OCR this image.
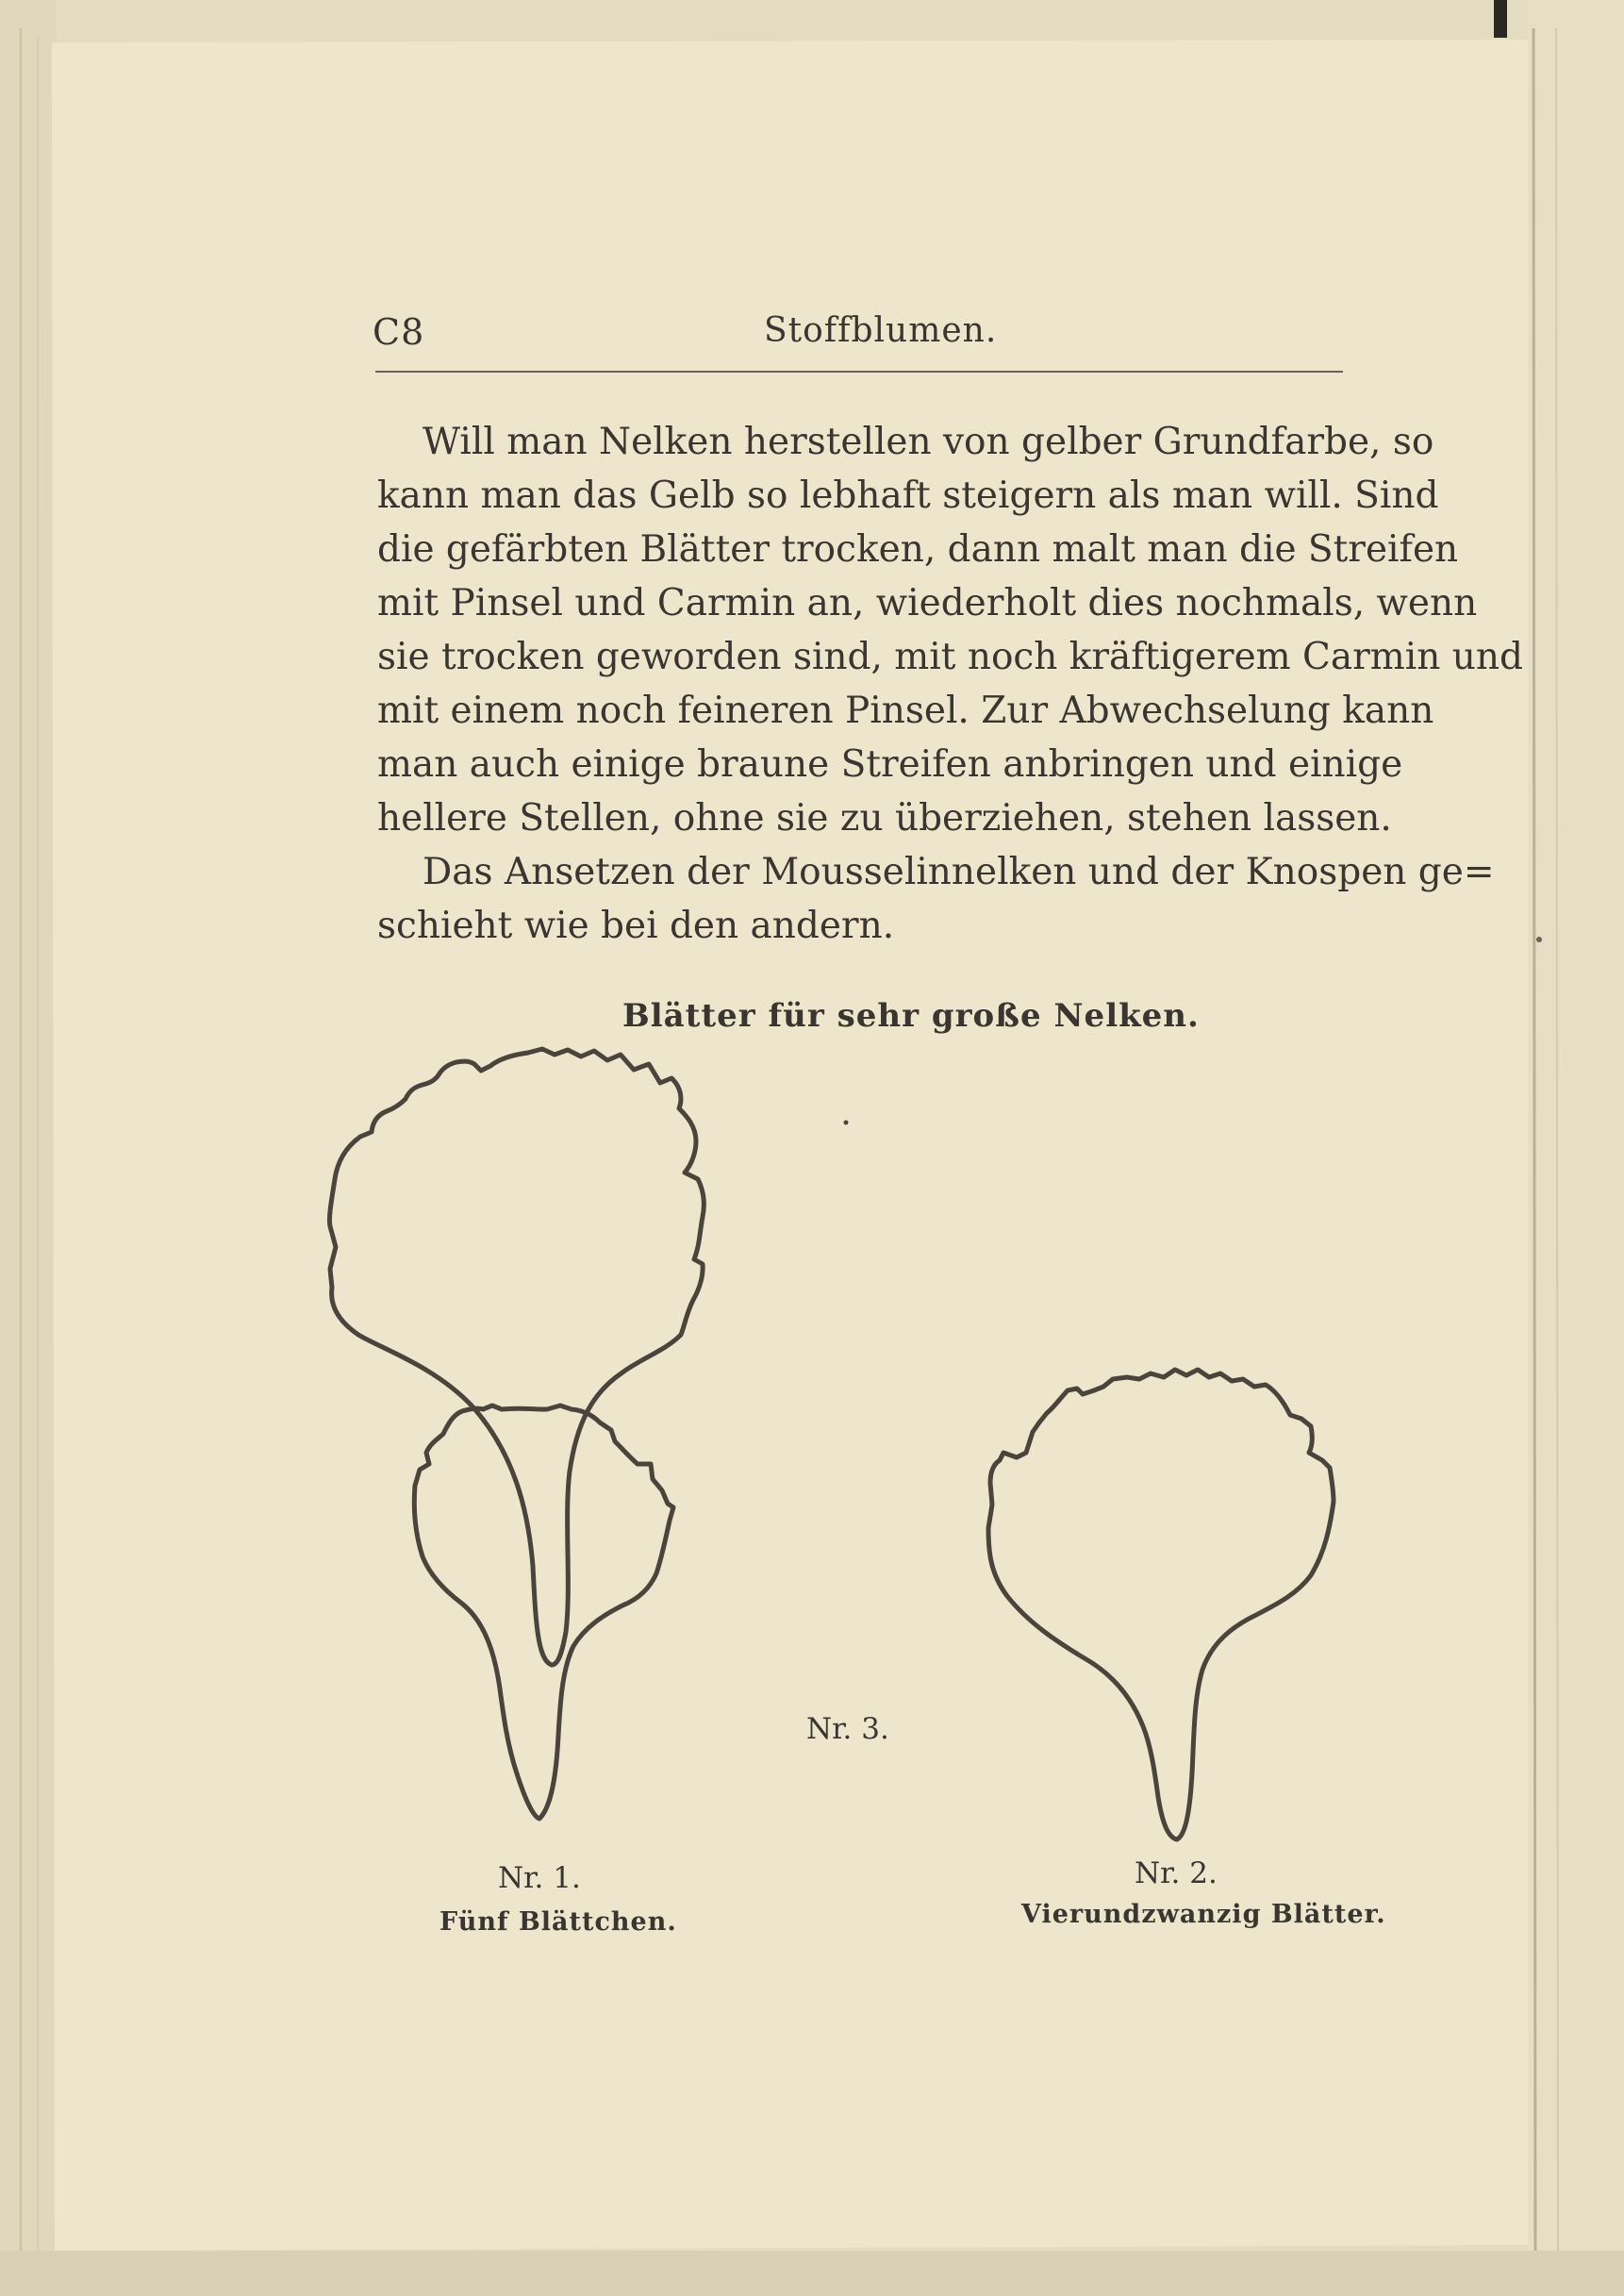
C8	Stoffblumen.
Will man Nelken herstellen von gelber Grundfarbe, so
kann man das Gelb so lebhaft steigern als man will. Sind
die gefärbten Blätter trocken, dann malt man die Streifen
mit Pinsel und Carmin an, wiederholt dies nochmals, wenn
sie trocken geworden sind, mit noch kräftigerem Carmin und
mit einem noch feineren Pinsel. Zur Abwechselung kann
man auch einige braune Streifen anbringen und einige
hellere Stellen, ohne sie zu überziehen, stehen lassen.
Das Ansetzen der Mousselinnelken und der Knospen ge=
schieht wie bei den andern.
Blätter für sehr große Nelken.
Nr. 3.
Nr. 1.
Fünf Blättchen.
Nr. 2.
Vierundzwanzig Blätter.
